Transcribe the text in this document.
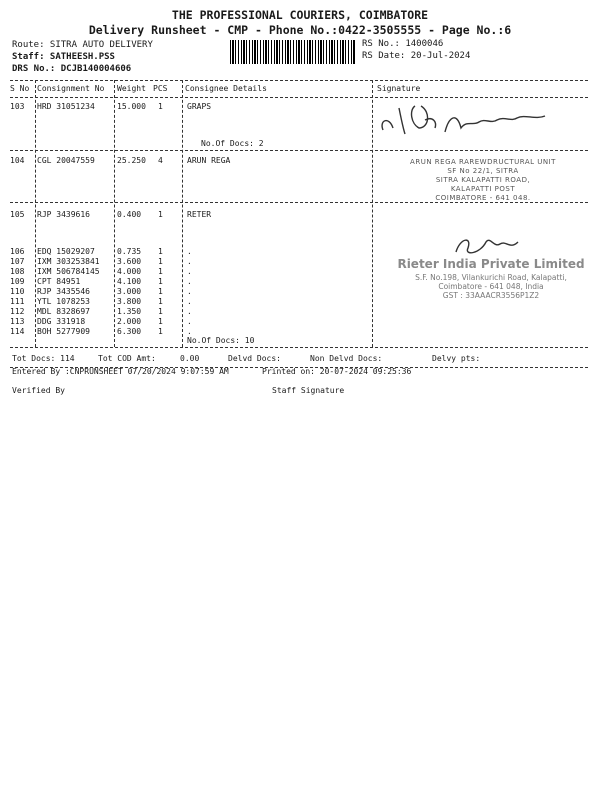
THE PROFESSIONAL COURIERS, COIMBATORE
Delivery Runsheet - CMP - Phone No.:0422-3505555 - Page No.:6
Route: SITRA AUTO DELIVERY
Staff: SATHEESH.PSS
DRS No.: DCJB140004606
RS No.: 1400046
RS Date: 20-Jul-2024
S No Consignment No Weight PCS Consignee Details	Signature
103 HRD 31051234	15.000 1	GRAPS
104 CGL 20047559	25.250 4	ARUN REGA
105 RJP 3439616	0.400 1	RETER
106 EDQ 15029207	0.735 1	.
107 IXM 303253841 3.600 1	.
108 IXM 506784145 4.000 1	.
109 CPT 84951	4.100 1	.
110 RJP 3435546	3.000 1	.
111 YTL 1078253	3.800 1	.
112 MDL 8328697	1.350 1	.
113 DDG 331918	2.000 1	.
114 BOH 5277909	6.300 1	.
No.Of Docs: 2
No.Of Docs: 10
ARUN REGA RAREWDRUCTURAL UNIT
SF No 22/1, SITRA
SITRA KALAPATTI ROAD,
KALAPATTI POST
COIMBATORE - 641 048.
Rieter India Private Limited
S.F. No.198, Vilankurichi Road, Kalapatti,
Coimbatore - 641 048, India
GST : 33AAACR3556P1Z2
Tot Docs: 114	Tot COD Amt:	0.00	Delvd Docs:	Non Delvd Docs:	Delvy pts:
Entered By :CNPRUNSHEET 07/20/2024 9:07:59 AM	Printed on: 20-07-2024 09:25:36
Verified By	Staff Signature
